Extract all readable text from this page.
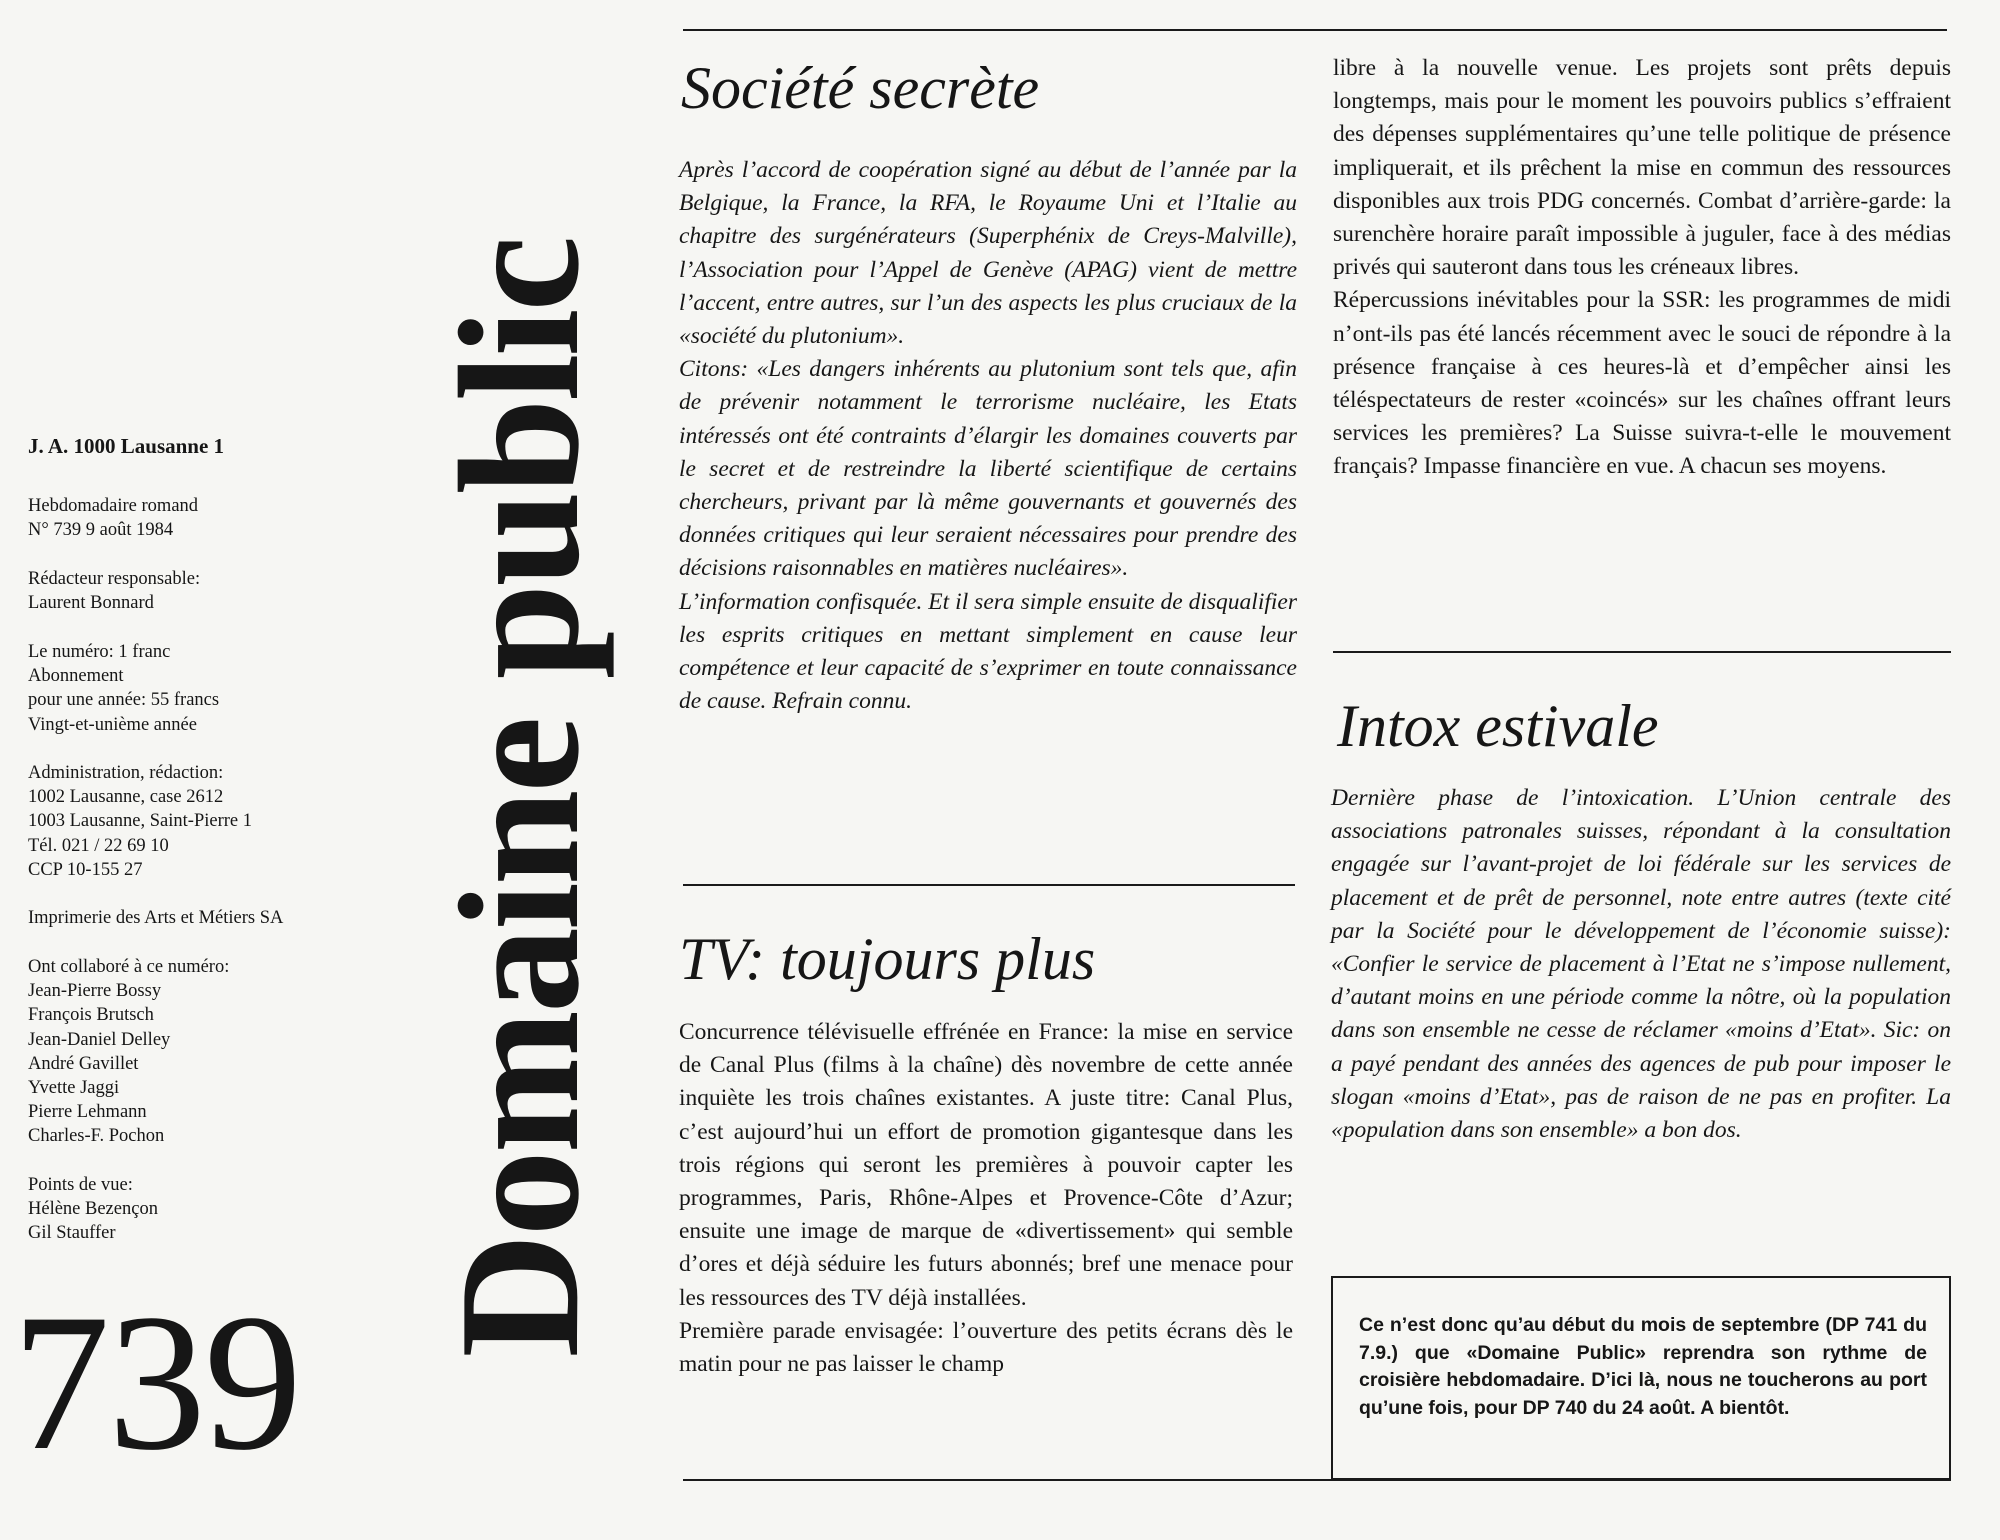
J. A. 1000 Lausanne 1
Hebdomadaire romand
N° 739 9 août 1984
Rédacteur responsable:
Laurent Bonnard
Le numéro: 1 franc
Abonnement
pour une année: 55 francs
Vingt-et-unième année
Administration, rédaction:
1002 Lausanne, case 2612
1003 Lausanne, Saint-Pierre 1
Tél. 021 / 22 69 10
CCP 10-155 27
Imprimerie des Arts et Métiers SA
Ont collaboré à ce numéro:
Jean-Pierre Bossy
François Brutsch
Jean-Daniel Delley
André Gavillet
Yvette Jaggi
Pierre Lehmann
Charles-F. Pochon
Points de vue:
Hélène Bezençon
Gil Stauffer
739
Domaine public
Société secrète

Après l’accord de coopération signé au début de l’année par la Belgique, la France, la RFA, le Royaume Uni et l’Italie au chapitre des surgénérateurs (Superphénix de Creys-Malville), l’Association pour l’Appel de Genève (APAG) vient de mettre l’accent, entre autres, sur l’un des aspects les plus cruciaux de la «société du plutonium».

Citons: «Les dangers inhérents au plutonium sont tels que, afin de prévenir notamment le terrorisme nucléaire, les Etats intéressés ont été contraints d’élargir les domaines couverts par le secret et de restreindre la liberté scientifique de certains chercheurs, privant par là même gouvernants et gouvernés des données critiques qui leur seraient nécessaires pour prendre des décisions raisonnables en matières nucléaires».

L’information confisquée. Et il sera simple ensuite de disqualifier les esprits critiques en mettant simplement en cause leur compétence et leur capacité de s’exprimer en toute connaissance de cause. Refrain connu.

TV: toujours plus

Concurrence télévisuelle effrénée en France: la mise en service de Canal Plus (films à la chaîne) dès novembre de cette année inquiète les trois chaînes existantes. A juste titre: Canal Plus, c’est aujourd’hui un effort de promotion gigantesque dans les trois régions qui seront les premières à pouvoir capter les programmes, Paris, Rhône-Alpes et Provence-Côte d’Azur; ensuite une image de marque de «divertissement» qui semble d’ores et déjà séduire les futurs abonnés; bref une menace pour les ressources des TV déjà installées.

Première parade envisagée: l’ouverture des petits écrans dès le matin pour ne pas laisser le champ

libre à la nouvelle venue. Les projets sont prêts depuis longtemps, mais pour le moment les pouvoirs publics s’effraient des dépenses supplémentaires qu’une telle politique de présence impliquerait, et ils prêchent la mise en commun des ressources disponibles aux trois PDG concernés. Combat d’arrière-garde: la surenchère horaire paraît impossible à juguler, face à des médias privés qui sauteront dans tous les créneaux libres.

Répercussions inévitables pour la SSR: les programmes de midi n’ont-ils pas été lancés récemment avec le souci de répondre à la présence française à ces heures-là et d’empêcher ainsi les téléspectateurs de rester «coincés» sur les chaînes offrant leurs services les premières? La Suisse suivra-t-elle le mouvement français? Impasse financière en vue. A chacun ses moyens.

Intox estivale

Dernière phase de l’intoxication. L’Union centrale des associations patronales suisses, répondant à la consultation engagée sur l’avant-projet de loi fédérale sur les services de placement et de prêt de personnel, note entre autres (texte cité par la Société pour le développement de l’économie suisse): «Confier le service de placement à l’Etat ne s’impose nullement, d’autant moins en une période comme la nôtre, où la population dans son ensemble ne cesse de réclamer «moins d’Etat». Sic: on a payé pendant des années des agences de pub pour imposer le slogan «moins d’Etat», pas de raison de ne pas en profiter. La «population dans son ensemble» a bon dos.

Ce n’est donc qu’au début du mois de septembre (DP 741 du 7.9.) que «Domaine Public» reprendra son rythme de croisière hebdomadaire. D’ici là, nous ne toucherons au port qu’une fois, pour DP 740 du 24 août. A bientôt.
